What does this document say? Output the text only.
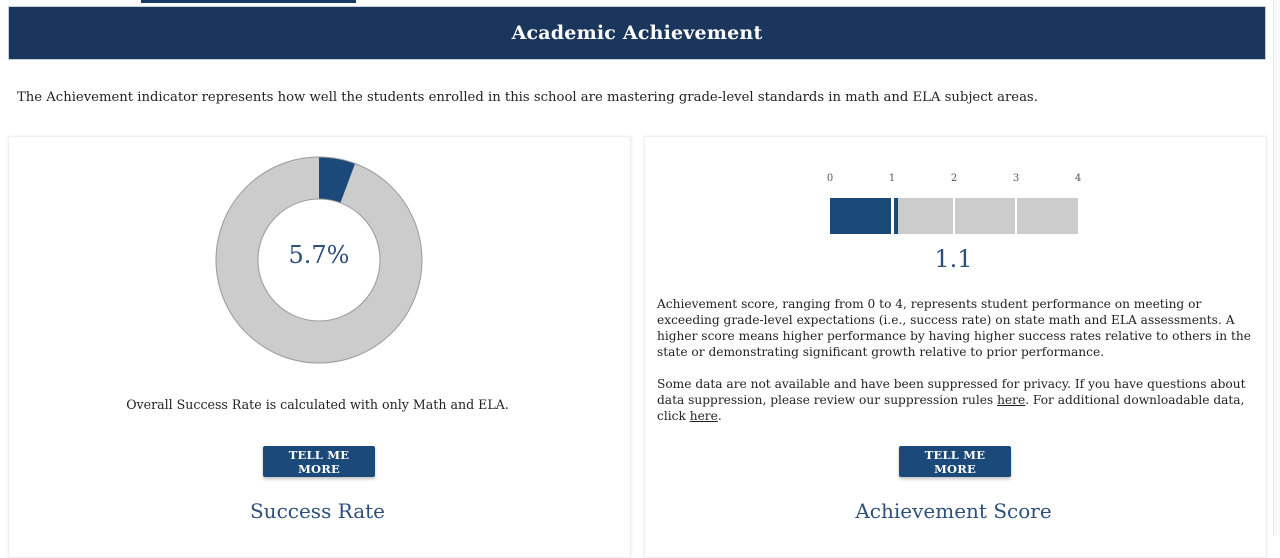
Academic Achievement
The Achievement indicator represents how well the students enrolled in this school are mastering grade-level standards in math and ELA subject areas.
5.7%
Overall Success Rate is calculated with only Math and ELA.
TELL ME MORE
Success Rate
0	1	2	3	4
1.1

Achievement score, ranging from 0 to 4, represents student performance on meeting or exceeding grade-level expectations (i.e., success rate) on state math and ELA assessments. A higher score means higher performance by having higher success rates relative to others in the state or demonstrating significant growth relative to prior performance.

Some data are not available and have been suppressed for privacy. If you have questions about data suppression, please review our suppression rules here. For additional downloadable data, click here.

TELL ME MORE
Achievement Score
